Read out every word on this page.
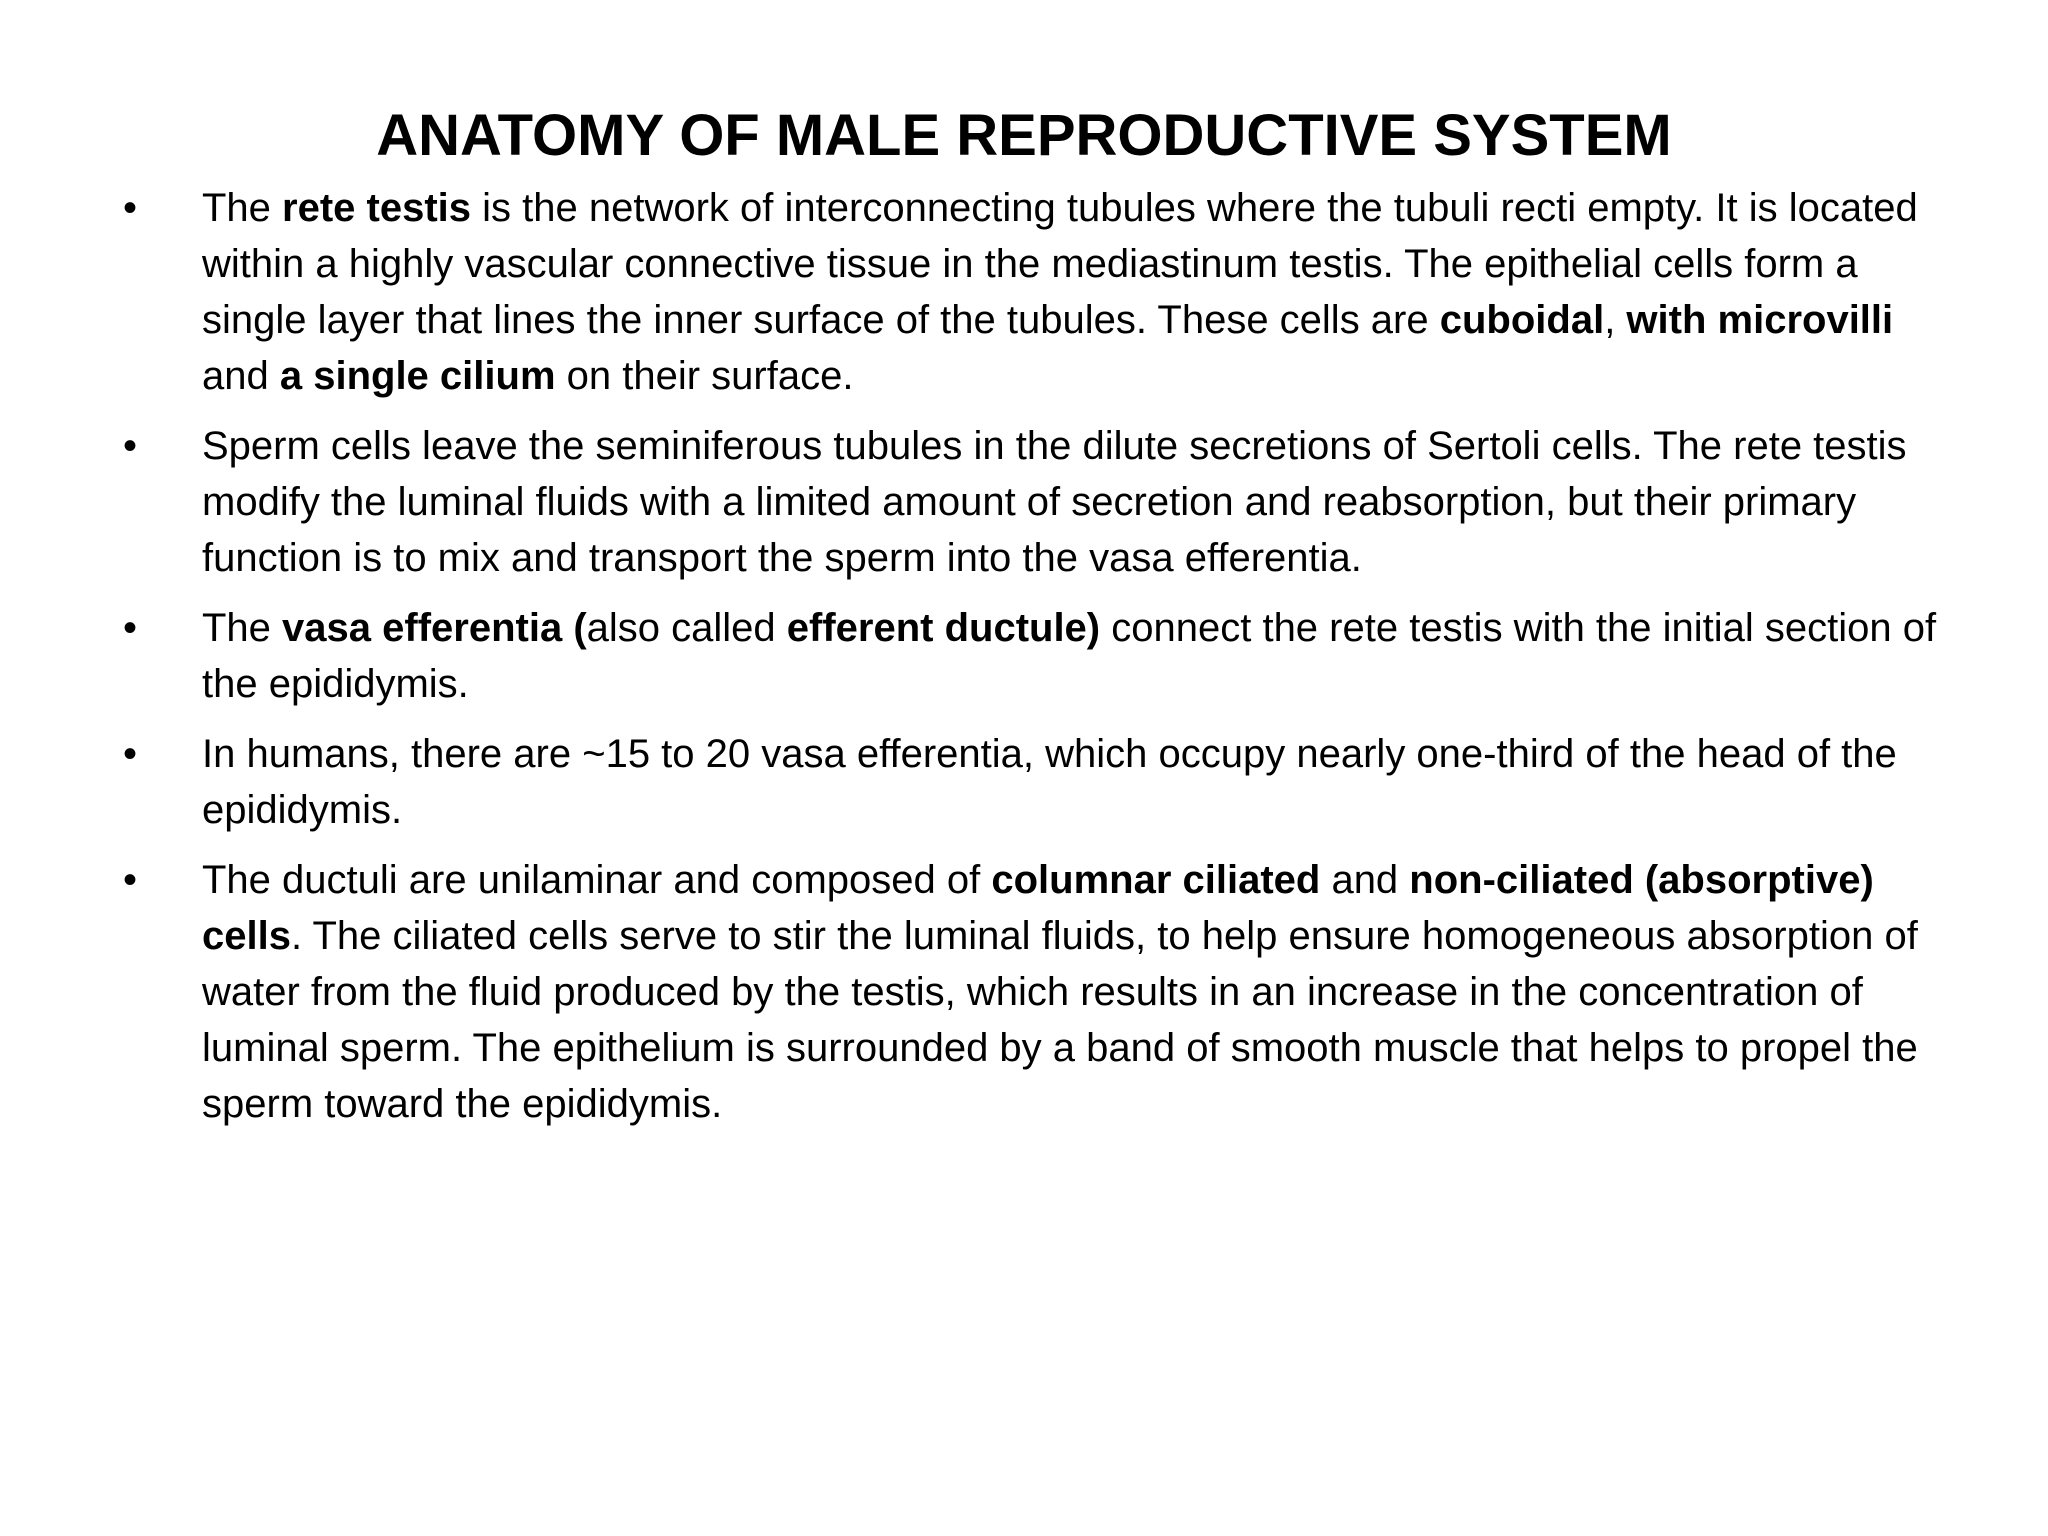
ANATOMY OF MALE REPRODUCTIVE SYSTEM
•	The rete testis is the network of interconnecting tubules where the tubuli recti empty. It is located within a highly vascular connective tissue in the mediastinum testis. The epithelial cells form a single layer that lines the inner surface of the tubules. These cells are cuboidal, with microvilli and a single cilium on their surface.
•	Sperm cells leave the seminiferous tubules in the dilute secretions of Sertoli cells. The rete testis modify the luminal fluids with a limited amount of secretion and reabsorption, but their primary function is to mix and transport the sperm into the vasa efferentia.
•	The vasa efferentia (also called efferent ductule) connect the rete testis with the initial section of the epididymis.
•	In humans, there are ~15 to 20 vasa efferentia, which occupy nearly one-third of the head of the epididymis.
•	The ductuli are unilaminar and composed of columnar ciliated and non-ciliated (absorptive) cells. The ciliated cells serve to stir the luminal fluids, to help ensure homogeneous absorption of water from the fluid produced by the testis, which results in an increase in the concentration of luminal sperm. The epithelium is surrounded by a band of smooth muscle that helps to propel the sperm toward the epididymis.
